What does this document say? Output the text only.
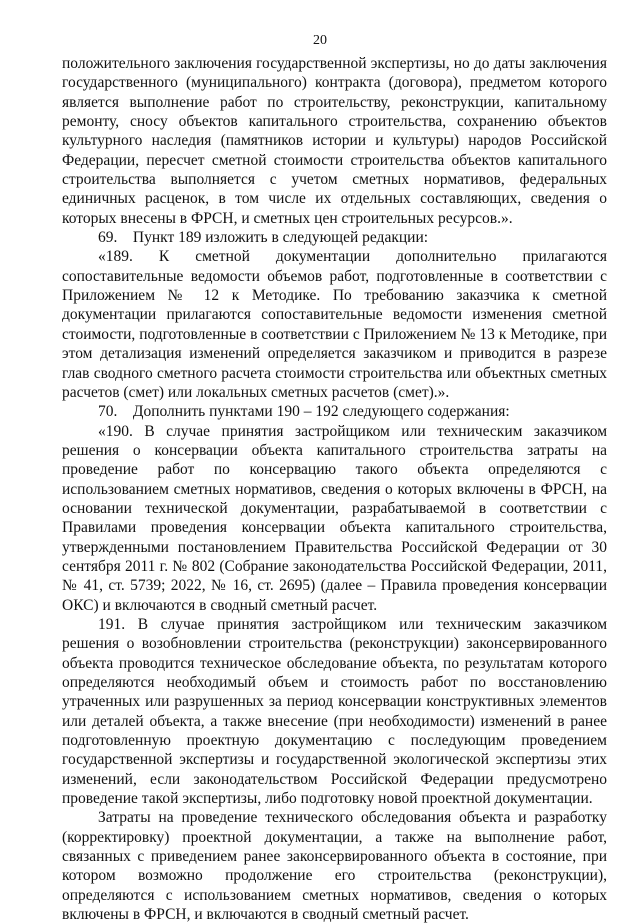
20

положительного заключения государственной экспертизы, но до даты заключения государственного (муниципального) контракта (договора), предметом которого является выполнение работ по строительству, реконструкции, капитальному ремонту, сносу объектов капитального строительства, сохранению объектов культурного наследия (памятников истории и культуры) народов Российской Федерации, пересчет сметной стоимости строительства объектов капитального строительства выполняется с учетом сметных нормативов, федеральных единичных расценок, в том числе их отдельных составляющих, сведения о которых внесены в ФРСН, и сметных цен строительных ресурсов.».

69.    Пункт 189 изложить в следующей редакции:

«189. К сметной документации дополнительно прилагаются сопоставительные ведомости объемов работ, подготовленные в соответствии с Приложением № 12 к Методике. По требованию заказчика к сметной документации прилагаются сопоставительные ведомости изменения сметной стоимости, подготовленные в соответствии с Приложением № 13 к Методике, при этом детализация изменений определяется заказчиком и приводится в разрезе глав сводного сметного расчета стоимости строительства или объектных сметных расчетов (смет) или локальных сметных расчетов (смет).».

70.    Дополнить пунктами 190 – 192 следующего содержания:

«190. В случае принятия застройщиком или техническим заказчиком решения о консервации объекта капитального строительства затраты на проведение работ по консервацию такого объекта определяются с использованием сметных нормативов, сведения о которых включены в ФРСН, на основании технической документации, разрабатываемой в соответствии с Правилами проведения консервации объекта капитального строительства, утвержденными постановлением Правительства Российской Федерации от 30 сентября 2011 г. № 802 (Собрание законодательства Российской Федерации, 2011, № 41, ст. 5739; 2022, № 16, ст. 2695) (далее – Правила проведения консервации ОКС) и включаются в сводный сметный расчет.

191. В случае принятия застройщиком или техническим заказчиком решения о возобновлении строительства (реконструкции) законсервированного объекта проводится техническое обследование объекта, по результатам которого определяются необходимый объем и стоимость работ по восстановлению утраченных или разрушенных за период консервации конструктивных элементов или деталей объекта, а также внесение (при необходимости) изменений в ранее подготовленную проектную документацию с последующим проведением государственной экспертизы и государственной экологической экспертизы этих изменений, если законодательством Российской Федерации предусмотрено проведение такой экспертизы, либо подготовку новой проектной документации.

Затраты на проведение технического обследования объекта и разработку (корректировку) проектной документации, а также на выполнение работ, связанных с приведением ранее законсервированного объекта в состояние, при котором возможно продолжение его строительства (реконструкции), определяются с использованием сметных нормативов, сведения о которых включены в ФРСН, и включаются в сводный сметный расчет.
